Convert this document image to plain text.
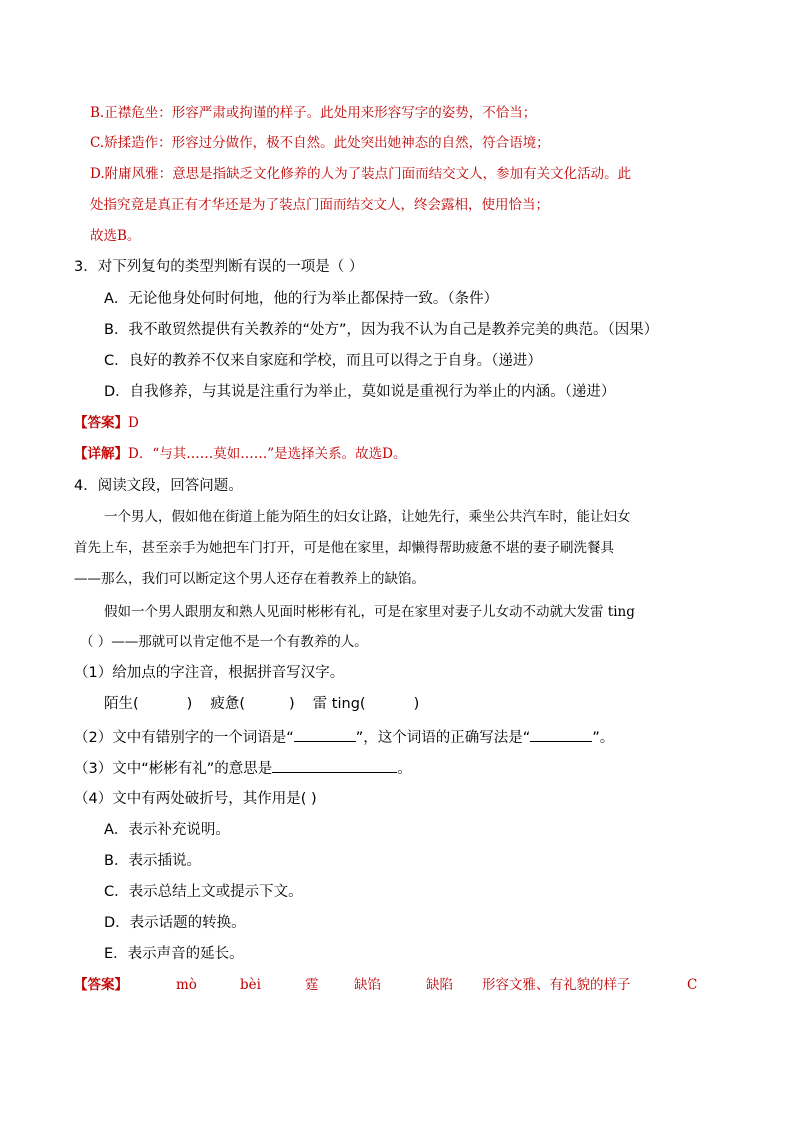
B.正襟危坐：形容严肃或拘谨的样子。此处用来形容写字的姿势，不恰当；
C.矫揉造作：形容过分做作，极不自然。此处突出她神态的自然，符合语境；
D.附庸风雅：意思是指缺乏文化修养的人为了装点门面而结交文人，参加有关文化活动。此
处指究竟是真正有才华还是为了装点门面而结交文人，终会露相，使用恰当；
故选B。
3．对下列复句的类型判断有误的一项是（ ）
A．无论他身处何时何地，他的行为举止都保持一致。（条件）
B．我不敢贸然提供有关教养的“处方”，因为我不认为自己是教养完美的典范。（因果）
C．良好的教养不仅来自家庭和学校，而且可以得之于自身。（递进）
D．自我修养，与其说是注重行为举止，莫如说是重视行为举止的内涵。（递进）
【答案】D
【详解】D．“与其……莫如……”是选择关系。故选D。
4．阅读文段，回答问题。
一个男人，假如他在街道上能为陌生的妇女让路，让她先行，乘坐公共汽车时，能让妇女
首先上车，甚至亲手为她把车门打开，可是他在家里，却懒得帮助疲惫不堪的妻子刷洗餐具
——那么，我们可以断定这个男人还存在着教养上的缺馅。
假如一个男人跟朋友和熟人见面时彬彬有礼，可是在家里对妻子儿女动不动就大发雷 ting
（ ）——那就可以肯定他不是一个有教养的人。
（1）给加点的字注音，根据拼音写汉字。
陌生(	) 疲惫(	) 雷 ting(	)
（2）文中有错别字的一个词语是“	”，这个词语的正确写法是“	”。
（3）文中“彬彬有礼”的意思是	。
（4）文中有两处破折号，其作用是( )
A．表示补充说明。
B．表示插说。
C．表示总结上文或提示下文。
D．表示话题的转换。
E．表示声音的延长。
【答案】	mò	bèi	霆	缺馅	缺陷 形容文雅、有礼貌的样子	C
